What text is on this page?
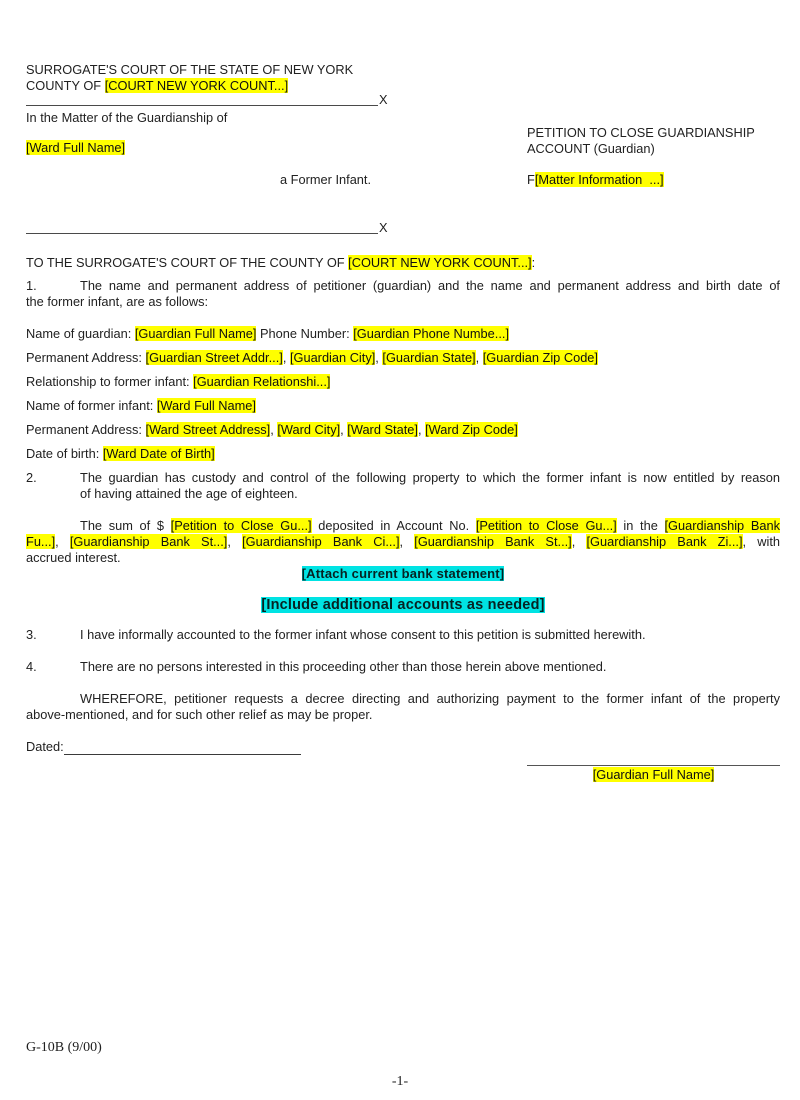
SURROGATE'S COURT OF THE STATE OF NEW YORK
COUNTY OF [COURT NEW YORK COUNT...]
X
In the Matter of the Guardianship of
[Ward Full Name]
a Former Infant.
PETITION TO CLOSE GUARDIANSHIP
ACCOUNT (Guardian)
F[Matter Information  ...]
X
TO THE SURROGATE'S COURT OF THE COUNTY OF [COURT NEW YORK COUNT...]:
1.	The name and permanent address of petitioner (guardian) and the name and permanent address and birth date of
the former infant, are as follows:
Name of guardian: [Guardian Full Name] Phone Number: [Guardian Phone Numbe...]
Permanent Address: [Guardian Street Addr...], [Guardian City], [Guardian State], [Guardian Zip Code]
Relationship to former infant: [Guardian Relationshi...]
Name of former infant: [Ward Full Name]
Permanent Address: [Ward Street Address], [Ward City], [Ward State], [Ward Zip Code]
Date of birth: [Ward Date of Birth]
2.	The guardian has custody and control of the following property to which the former infant is now entitled by reason
of having attained the age of eighteen.
The sum of $ [Petition to Close Gu...] deposited in Account No. [Petition to Close Gu...] in the [Guardianship Bank
Fu...], [Guardianship Bank St...], [Guardianship Bank Ci...], [Guardianship Bank St...], [Guardianship Bank Zi...], with
accrued interest.
[Attach current bank statement]
[Include additional accounts as needed]
3.	I have informally accounted to the former infant whose consent to this petition is submitted herewith.
4.	There are no persons interested in this proceeding other than those herein above mentioned.
WHEREFORE, petitioner requests a decree directing and authorizing payment to the former infant of the property
above-mentioned, and for such other relief as may be proper.
Dated:
[Guardian Full Name]
G-10B (9/00)
-1-
